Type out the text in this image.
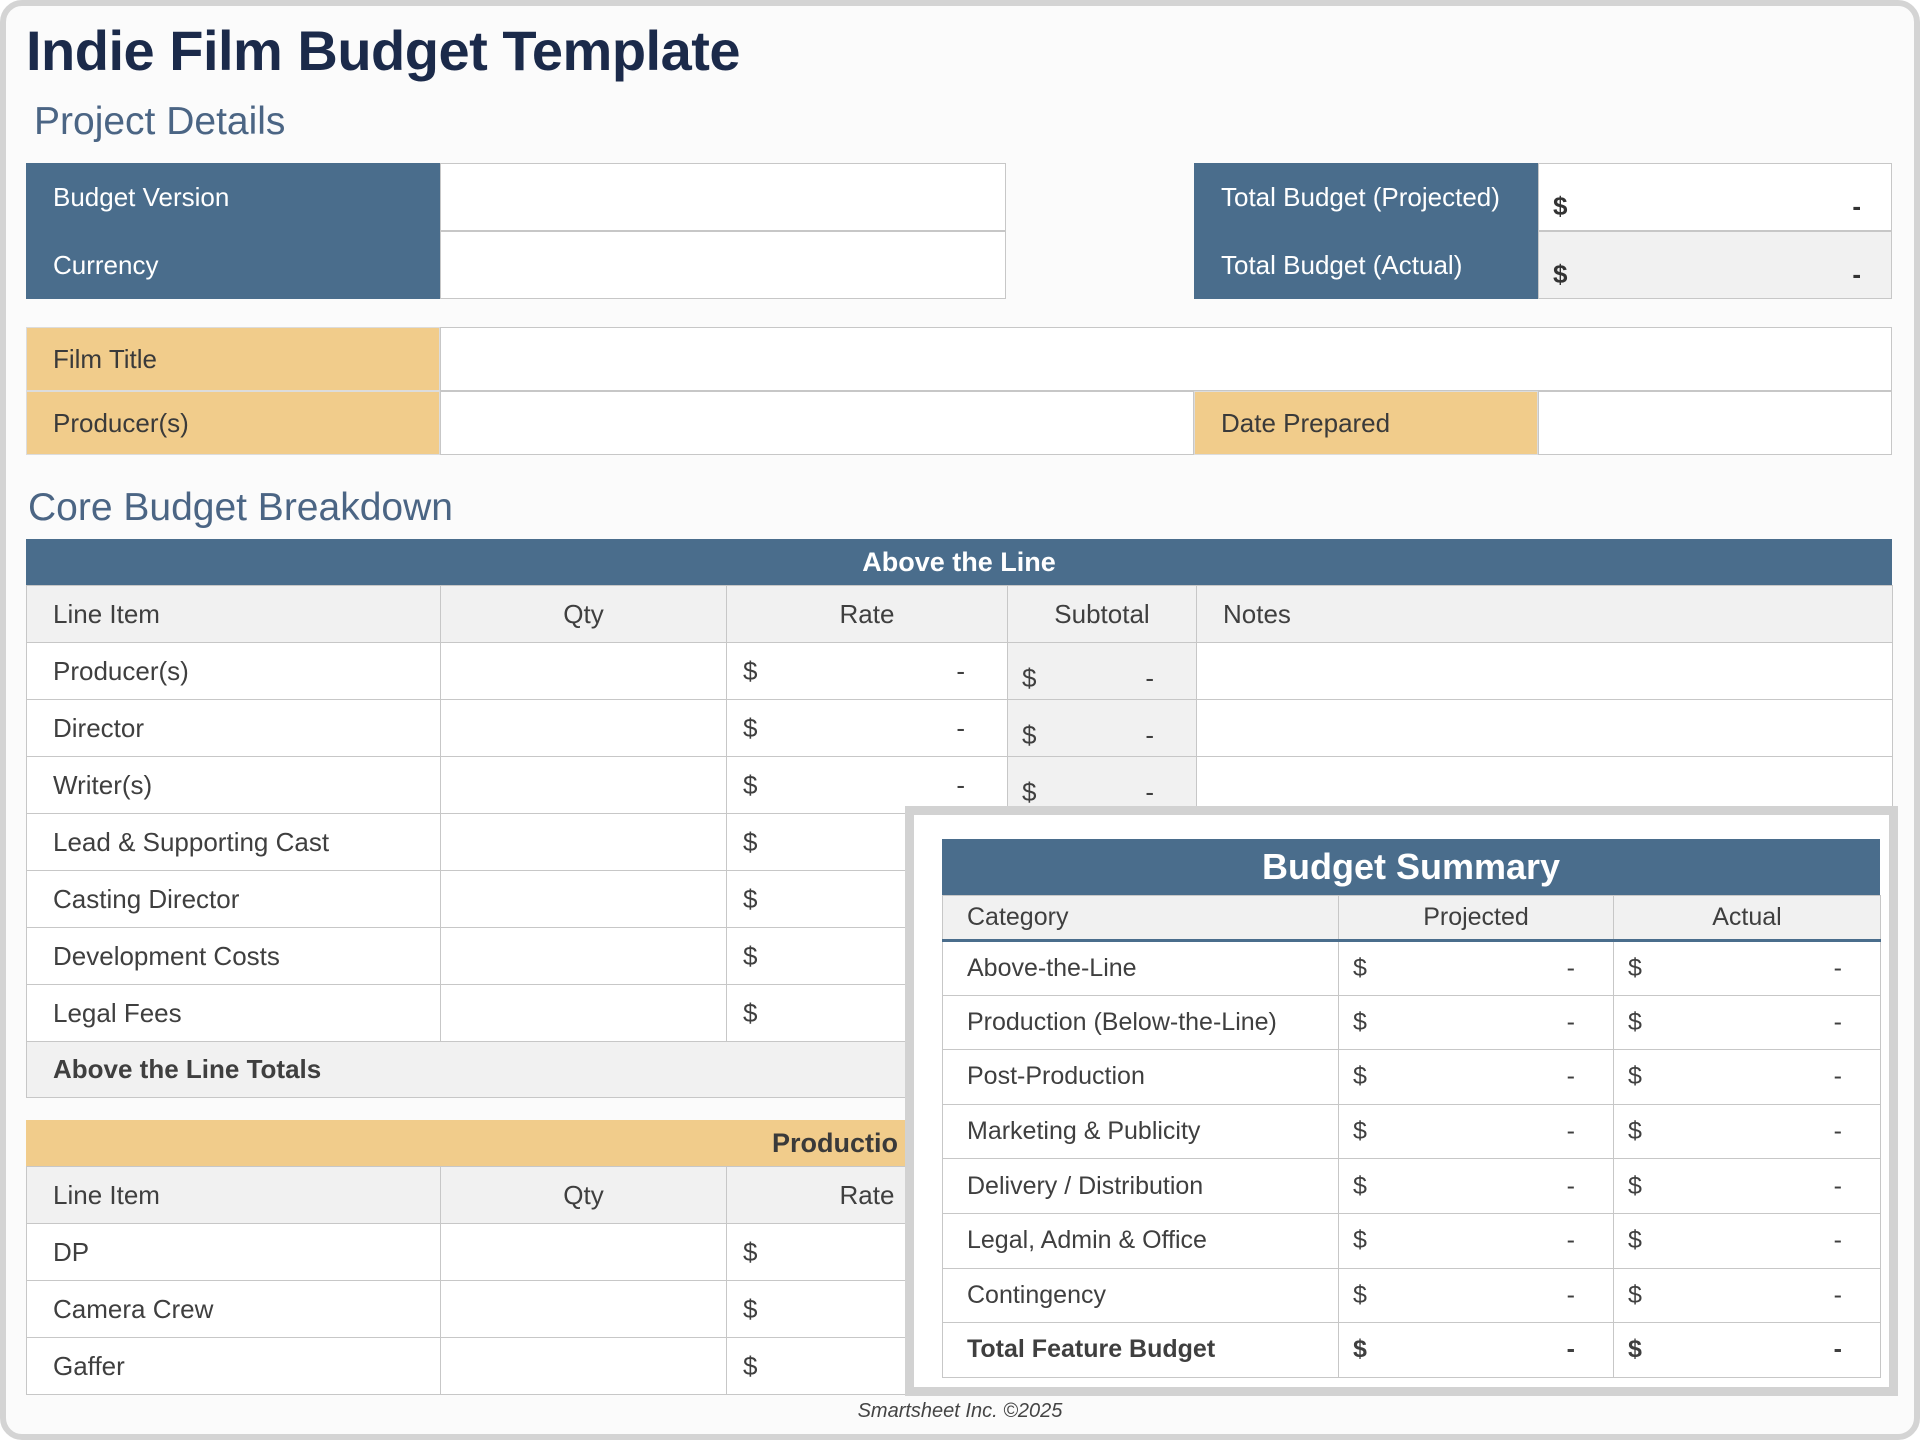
Indie Film Budget Template
Project Details
Budget Version
Currency
Total Budget (Projected)	$	-
Total Budget (Actual)	$	-
Film Title
Producer(s)	Date Prepared
Core Budget Breakdown
Above the Line
Line Item	Qty	Rate	Subtotal	Notes
Producer(s)		$ -	$ -	

Director		$ -	$ -	

Writer(s)		$ -	$ -	

Lead & Supporting Cast		$		

Casting Director		$		

Development Costs		$		

Legal Fees		$		

Above the Line Totals				
Productio
Line Item	Qty	Rate		
DP		$		

Camera Crew		$		

Gaffer		$		

Budget Summary
Category	Projected	Actual
Above-the-Line	$ -	$ -

Production (Below-the-Line)	$ -	$ -

Post-Production	$ -	$ -

Marketing & Publicity	$ -	$ -

Delivery / Distribution	$ -	$ -

Legal, Admin & Office	$ -	$ -

Contingency	$ -	$ -

Total Feature Budget	$ -	$ -
Smartsheet Inc. ©2025
